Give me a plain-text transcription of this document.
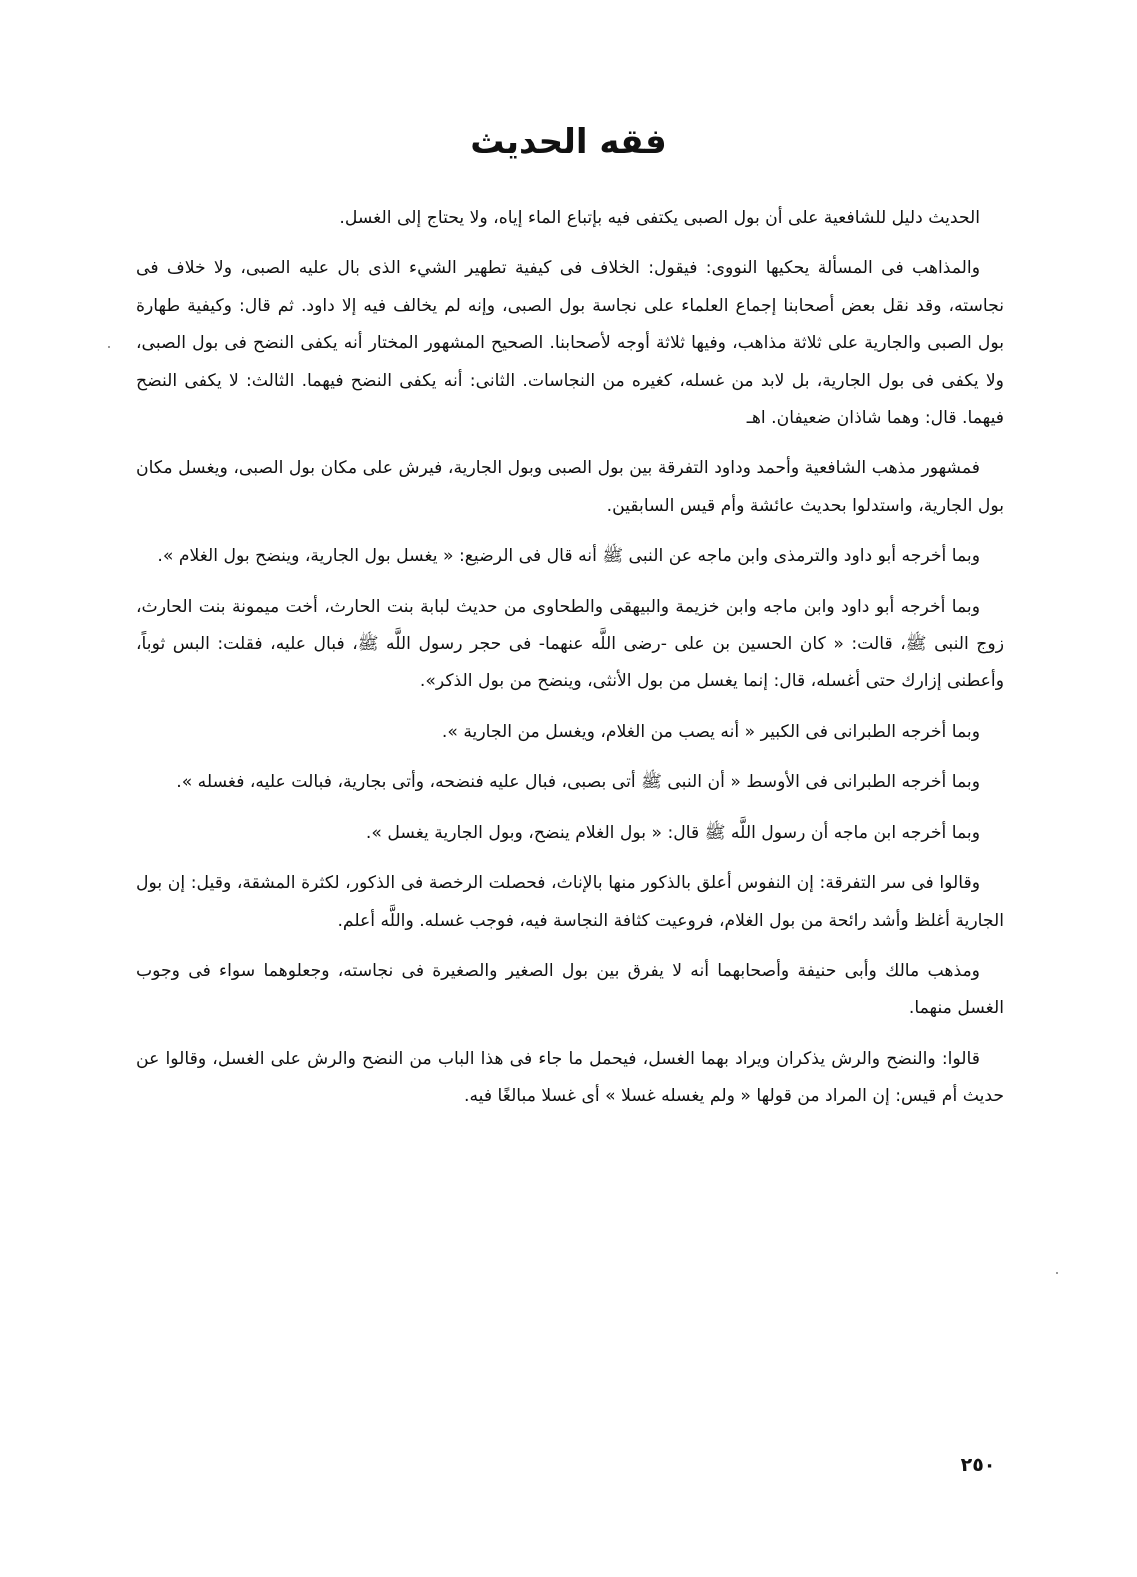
فقه الحديث

الحديث دليل للشافعية على أن بول الصبى يكتفى فيه بإتباع الماء إياه، ولا يحتاج إلى الغسل.

والمذاهب فى المسألة يحكيها النووى: فيقول: الخلاف فى كيفية تطهير الشيء الذى بال عليه الصبى، ولا خلاف فى نجاسته، وقد نقل بعض أصحابنا إجماع العلماء على نجاسة بول الصبى، وإنه لم يخالف فيه إلا داود. ثم قال: وكيفية طهارة بول الصبى والجارية على ثلاثة مذاهب، وفيها ثلاثة أوجه لأصحابنا. الصحيح المشهور المختار أنه يكفى النضح فى بول الصبى، ولا يكفى فى بول الجارية، بل لابد من غسله، كغيره من النجاسات. الثانى: أنه يكفى النضح فيهما. الثالث: لا يكفى النضح فيهما. قال: وهما شاذان ضعيفان. اهـ

فمشهور مذهب الشافعية وأحمد وداود التفرقة بين بول الصبى وبول الجارية، فيرش على مكان بول الصبى، ويغسل مكان بول الجارية، واستدلوا بحديث عائشة وأم قيس السابقين.

وبما أخرجه أبو داود والترمذى وابن ماجه عن النبى ﷺ أنه قال فى الرضيع: « يغسل بول الجارية، وينضح بول الغلام ».

وبما أخرجه أبو داود وابن ماجه وابن خزيمة والبيهقى والطحاوى من حديث لبابة بنت الحارث، أخت ميمونة بنت الحارث، زوج النبى ﷺ، قالت: « كان الحسين بن على -رضى اللَّه عنهما- فى حجر رسول اللَّه ﷺ، فبال عليه، فقلت: البس ثوباً، وأعطنى إزارك حتى أغسله، قال: إنما يغسل من بول الأنثى، وينضح من بول الذكر».

وبما أخرجه الطبرانى فى الكبير « أنه يصب من الغلام، ويغسل من الجارية ».

وبما أخرجه الطبرانى فى الأوسط « أن النبى ﷺ أتى بصبى، فبال عليه فنضحه، وأتى بجارية، فبالت عليه، فغسله ».

وبما أخرجه ابن ماجه أن رسول اللَّه ﷺ قال: « بول الغلام ينضح، وبول الجارية يغسل ».

وقالوا فى سر التفرقة: إن النفوس أعلق بالذكور منها بالإناث، فحصلت الرخصة فى الذكور، لكثرة المشقة، وقيل: إن بول الجارية أغلظ وأشد رائحة من بول الغلام، فروعيت كثافة النجاسة فيه، فوجب غسله. واللَّه أعلم.

ومذهب مالك وأبى حنيفة وأصحابهما أنه لا يفرق بين بول الصغير والصغيرة فى نجاسته، وجعلوهما سواء فى وجوب الغسل منهما.

قالوا: والنضح والرش يذكران ويراد بهما الغسل، فيحمل ما جاء فى هذا الباب من النضح والرش على الغسل، وقالوا عن حديث أم قيس: إن المراد من قولها « ولم يغسله غسلا » أى غسلا مبالغًا فيه.

٢٥٠
